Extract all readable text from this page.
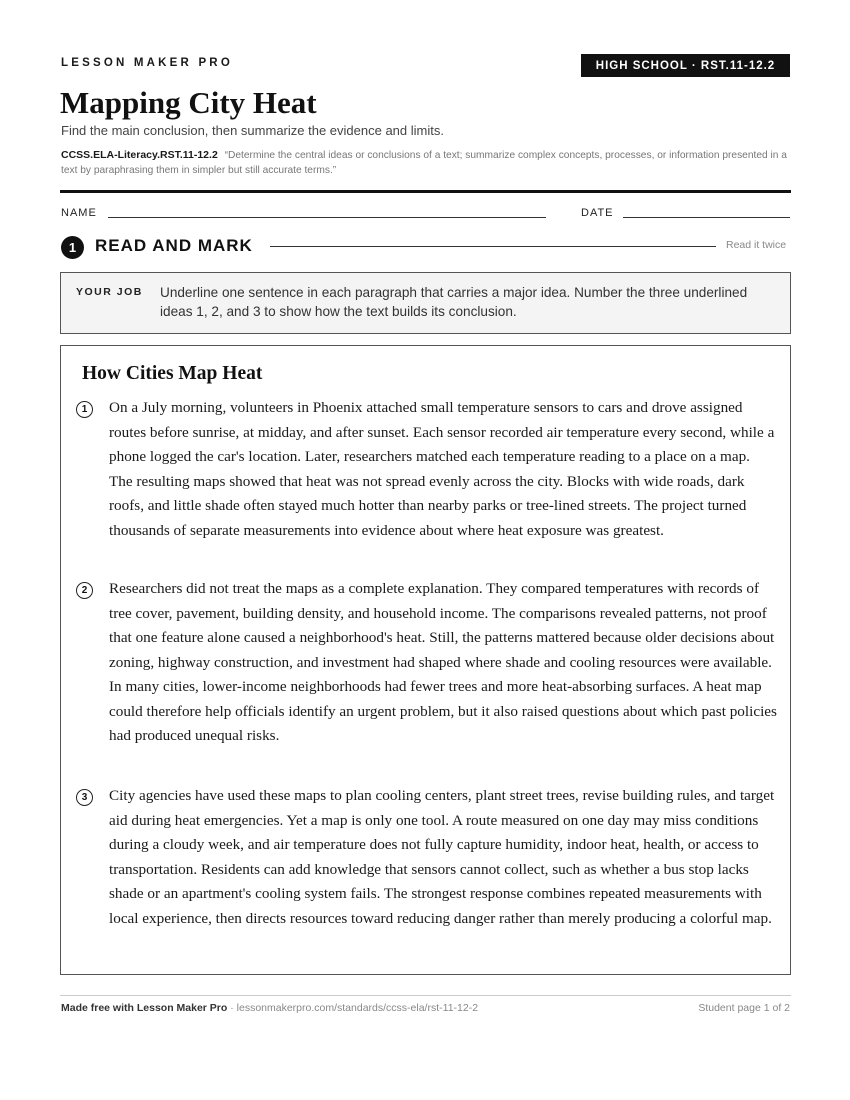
LESSON MAKER PRO	HIGH SCHOOL · RST.11-12.2
Mapping City Heat
Find the main conclusion, then summarize the evidence and limits.
CCSS.ELA-Literacy.RST.11-12.2 “Determine the central ideas or conclusions of a text; summarize complex concepts, processes, or information presented in a text by paraphrasing them in simpler but still accurate terms.”
NAME	DATE
1	READ AND MARK	Read it twice
YOUR JOB Underline one sentence in each paragraph that carries a major idea. Number the three underlined ideas 1, 2, and 3 to show how the text builds its conclusion.
How Cities Map Heat
1	On a July morning, volunteers in Phoenix attached small temperature sensors to cars and drove assigned routes before sunrise, at midday, and after sunset. Each sensor recorded air temperature every second, while a phone logged the car's location. Later, researchers matched each temperature reading to a place on a map. The resulting maps showed that heat was not spread evenly across the city. Blocks with wide roads, dark roofs, and little shade often stayed much hotter than nearby parks or tree-lined streets. The project turned thousands of separate measurements into evidence about where heat exposure was greatest.

2	Researchers did not treat the maps as a complete explanation. They compared temperatures with records of tree cover, pavement, building density, and household income. The comparisons revealed patterns, not proof that one feature alone caused a neighborhood's heat. Still, the patterns mattered because older decisions about zoning, highway construction, and investment had shaped where shade and cooling resources were available. In many cities, lower-income neighborhoods had fewer trees and more heat-absorbing surfaces. A heat map could therefore help officials identify an urgent problem, but it also raised questions about which past policies had produced unequal risks.

3	City agencies have used these maps to plan cooling centers, plant street trees, revise building rules, and target aid during heat emergencies. Yet a map is only one tool. A route measured on one day may miss conditions during a cloudy week, and air temperature does not fully capture humidity, indoor heat, health, or access to transportation. Residents can add knowledge that sensors cannot collect, such as whether a bus stop lacks shade or an apartment's cooling system fails. The strongest response combines repeated measurements with local experience, then directs resources toward reducing danger rather than merely producing a colorful map.

Made free with Lesson Maker Pro · lessonmakerpro.com/standards/ccss-ela/rst-11-12-2	Student page 1 of 2
